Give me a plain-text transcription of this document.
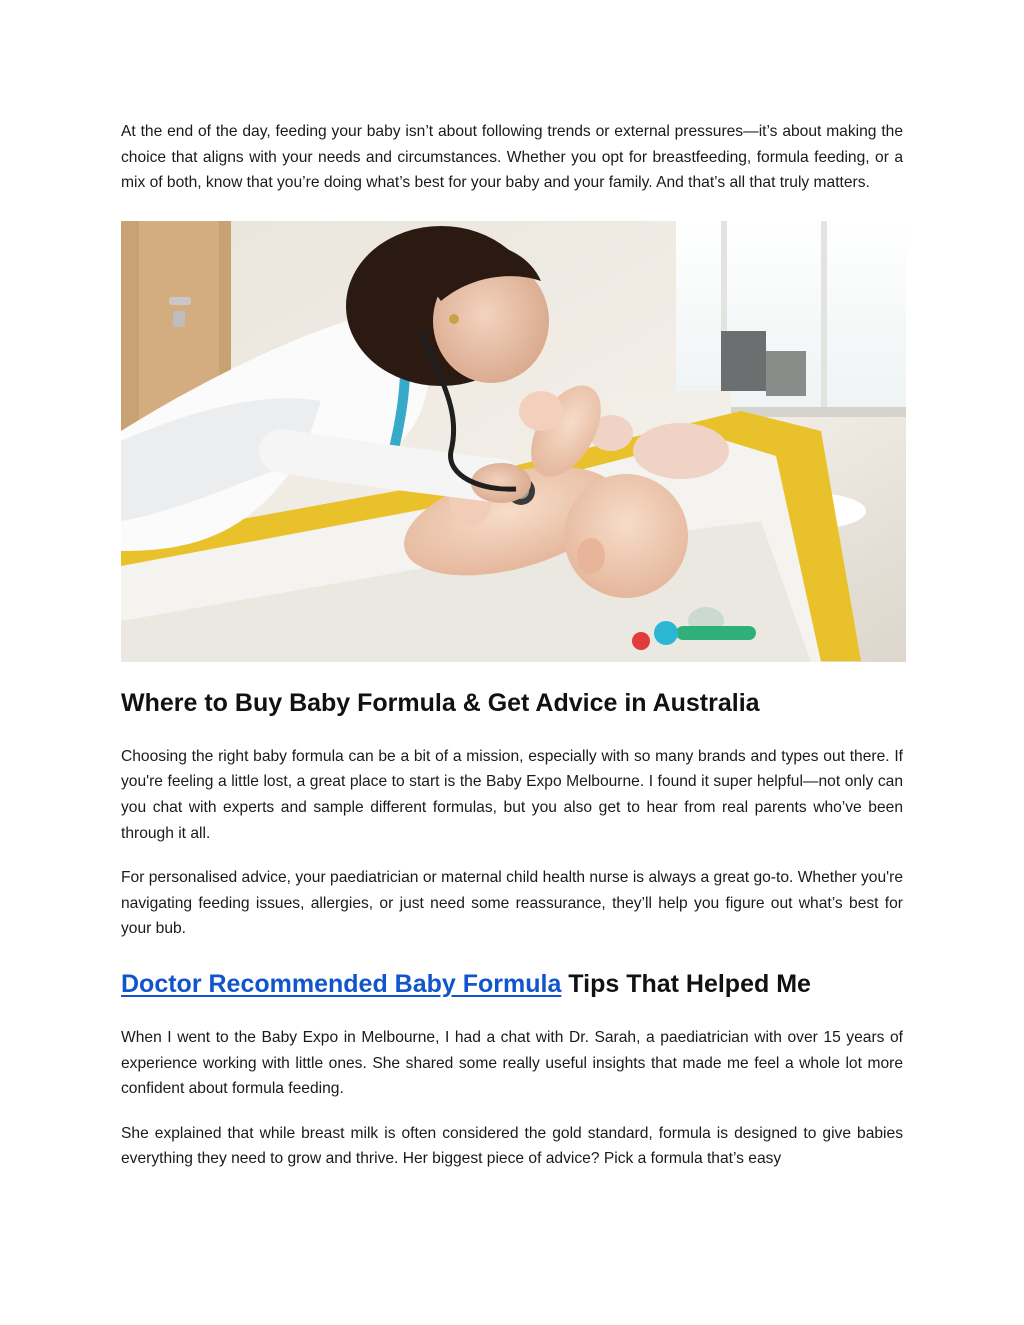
At the end of the day, feeding your baby isn’t about following trends or external pressures—it’s about making the choice that aligns with your needs and circumstances. Whether you opt for breastfeeding, formula feeding, or a mix of both, know that you’re doing what’s best for your baby and your family. And that’s all that truly matters.

Where to Buy Baby Formula & Get Advice in Australia

Choosing the right baby formula can be a bit of a mission, especially with so many brands and types out there. If you're feeling a little lost, a great place to start is the Baby Expo Melbourne. I found it super helpful—not only can you chat with experts and sample different formulas, but you also get to hear from real parents who’ve been through it all.

For personalised advice, your paediatrician or maternal child health nurse is always a great go-to. Whether you're navigating feeding issues, allergies, or just need some reassurance, they’ll help you figure out what’s best for your bub.

Doctor Recommended Baby Formula Tips That Helped Me

When I went to the Baby Expo in Melbourne, I had a chat with Dr. Sarah, a paediatrician with over 15 years of experience working with little ones. She shared some really useful insights that made me feel a whole lot more confident about formula feeding.

She explained that while breast milk is often considered the gold standard, formula is designed to give babies everything they need to grow and thrive. Her biggest piece of advice? Pick a formula that’s easy
